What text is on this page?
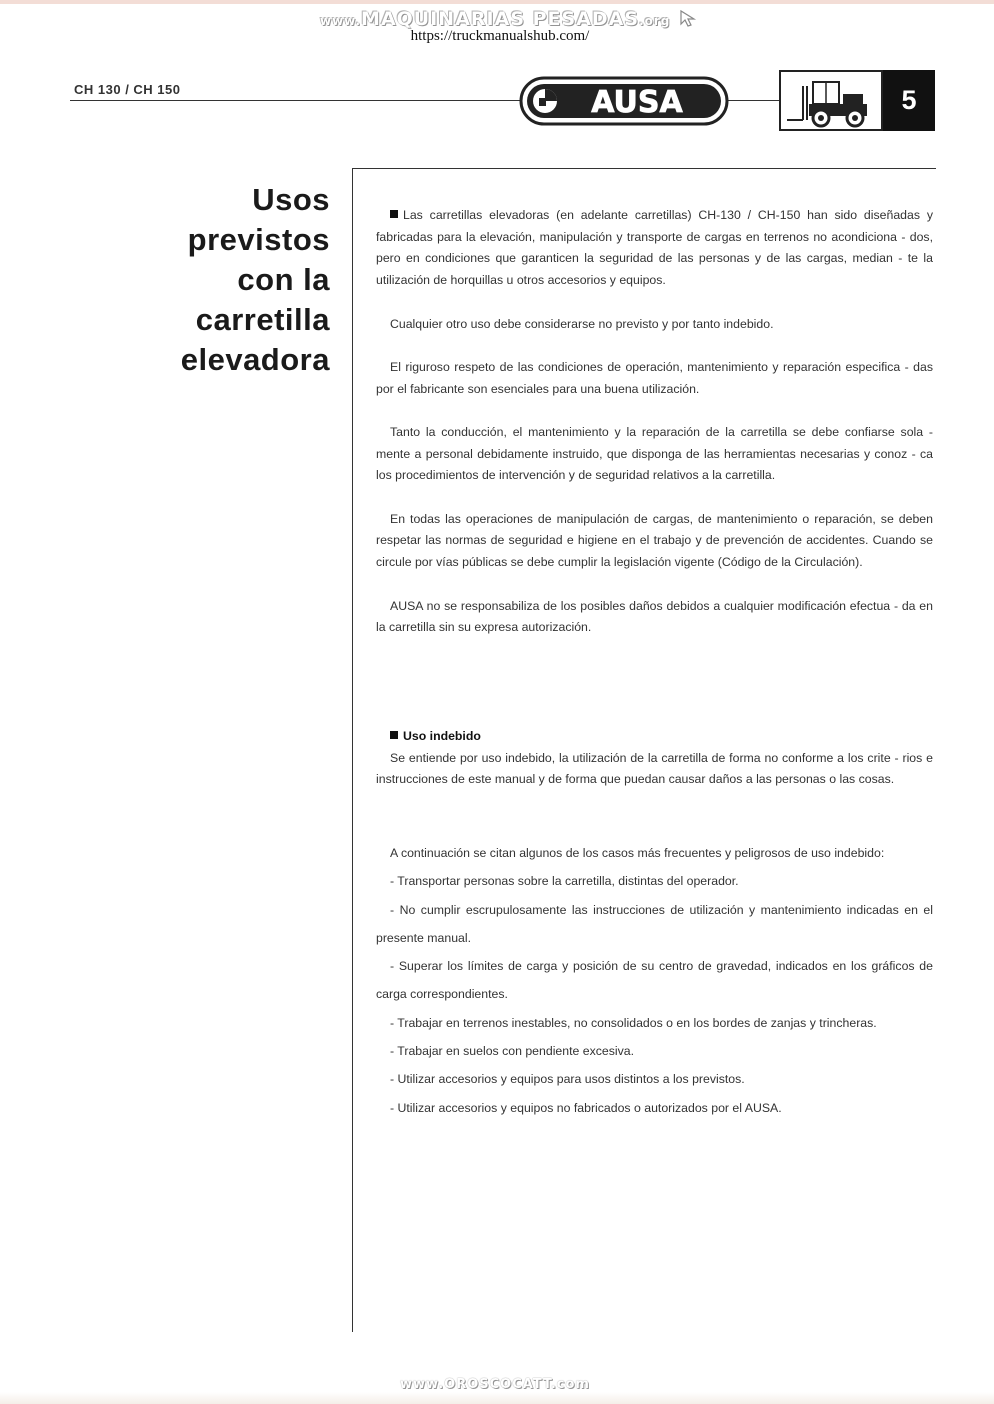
www.MAQUINARIAS PESADAS.org
https://truckmanualshub.com/
CH 130 / CH 150	AUSA	5
Usos
previstos
con la
carretilla
elevadora

Las carretillas elevadoras (en adelante carretillas) CH-130 / CH-150 han sido diseñadas y fabricadas para la elevación, manipulación y transporte de cargas en terrenos no acondiciona - dos, pero en condiciones que garanticen la seguridad de las personas y de las cargas, median - te la utilización de horquillas u otros accesorios y equipos.

Cualquier otro uso debe considerarse no previsto y por tanto indebido.

El riguroso respeto de las condiciones de operación, mantenimiento y reparación especifica - das por el fabricante son esenciales para una buena utilización.

Tanto la conducción, el mantenimiento y la reparación de la carretilla se debe confiarse sola - mente a personal debidamente instruido, que disponga de las herramientas necesarias y conoz - ca los procedimientos de intervención y de seguridad relativos a la carretilla.

En todas las operaciones de manipulación de cargas, de mantenimiento o reparación, se deben respetar las normas de seguridad e higiene en el trabajo y de prevención de accidentes. Cuando se circule por vías públicas se debe cumplir la legislación vigente (Código de la Circulación).

AUSA no se responsabiliza de los posibles daños debidos a cualquier modificación efectua - da en la carretilla sin su expresa autorización.

Uso indebido

Se entiende por uso indebido, la utilización de la carretilla de forma no conforme a los crite - rios e instrucciones de este manual y de forma que puedan causar daños a las personas o las cosas.

A continuación se citan algunos de los casos más frecuentes y peligrosos de uso indebido:

- Transportar personas sobre la carretilla, distintas del operador.

- No cumplir escrupulosamente las instrucciones de utilización y mantenimiento indicadas en el presente manual.

- Superar los límites de carga y posición de su centro de gravedad, indicados en los gráficos de carga correspondientes.

- Trabajar en terrenos inestables, no consolidados o en los bordes de zanjas y trincheras.

- Trabajar en suelos con pendiente excesiva.

- Utilizar accesorios y equipos para usos distintos a los previstos.

- Utilizar accesorios y equipos no fabricados o autorizados por el AUSA.

www.OROSCOCATT.com
